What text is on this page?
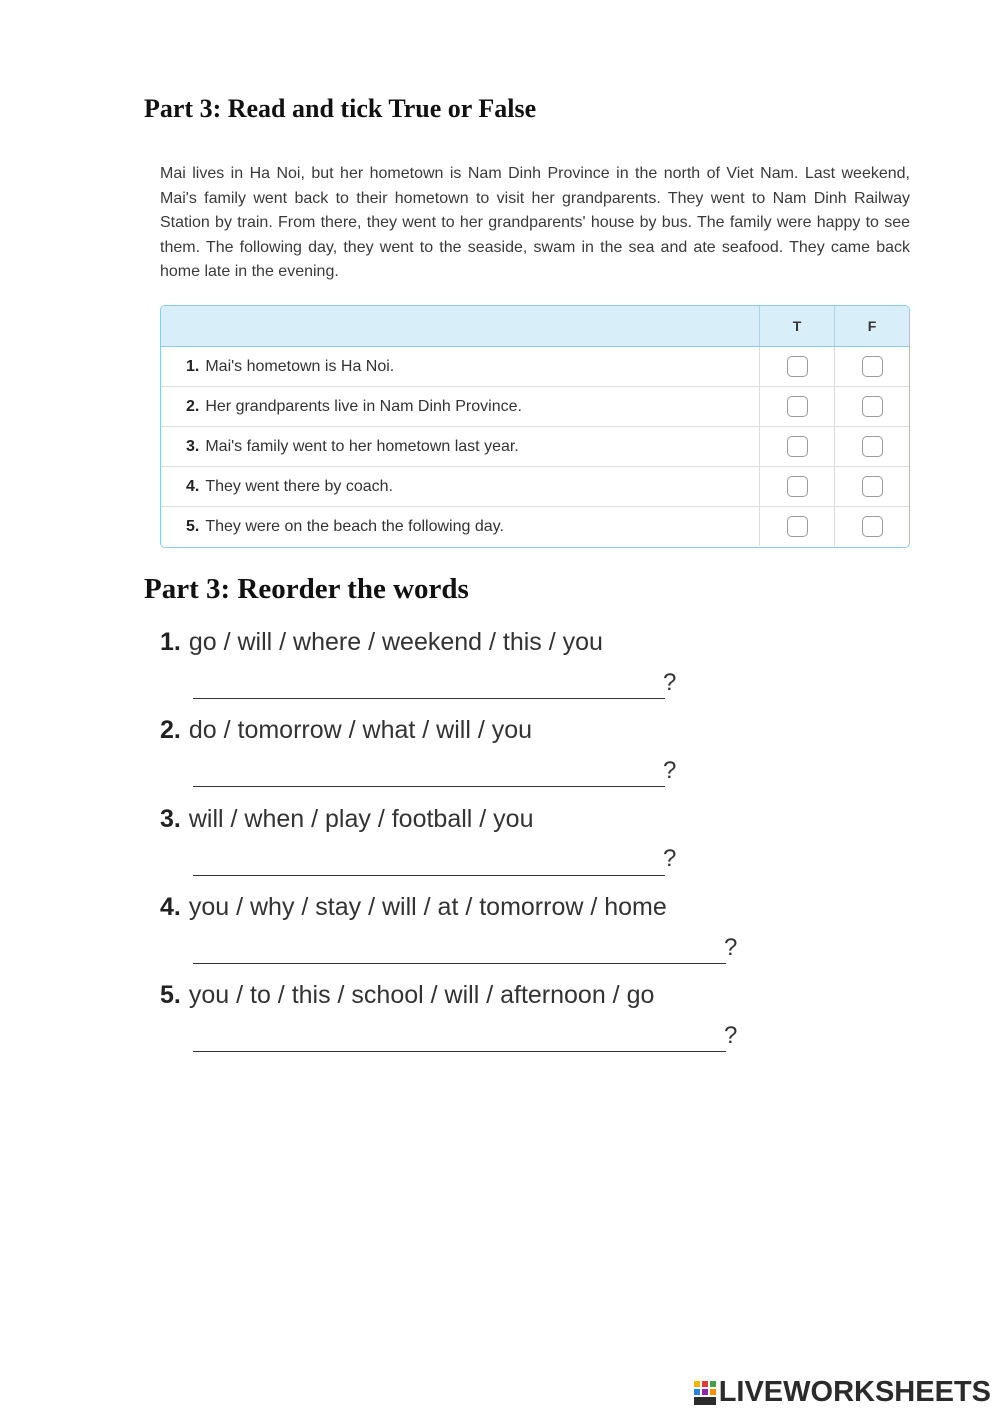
Part 3: Read and tick True or False

Mai lives in Ha Noi, but her hometown is Nam Dinh Province in the north of Viet Nam. Last weekend, Mai's family went back to their hometown to visit her grandparents. They went to Nam Dinh Railway Station by train. From there, they went to her grandparents' house by bus. The family were happy to see them. The following day, they went to the seaside, swam in the sea and ate seafood. They came back home late in the evening.

T	F
1. Mai's hometown is Ha Noi.
2. Her grandparents live in Nam Dinh Province.
3. Mai's family went to her hometown last year.
4. They went there by coach.
5. They were on the beach the following day.
Part 3: Reorder the words
1. go / will / where / weekend / this / you
?
2. do / tomorrow / what / will / you
?
3. will / when / play / football / you
?
4. you / why / stay / will / at / tomorrow / home
?
5. you / to / this / school / will / afternoon / go
?
LIVEWORKSHEETS
